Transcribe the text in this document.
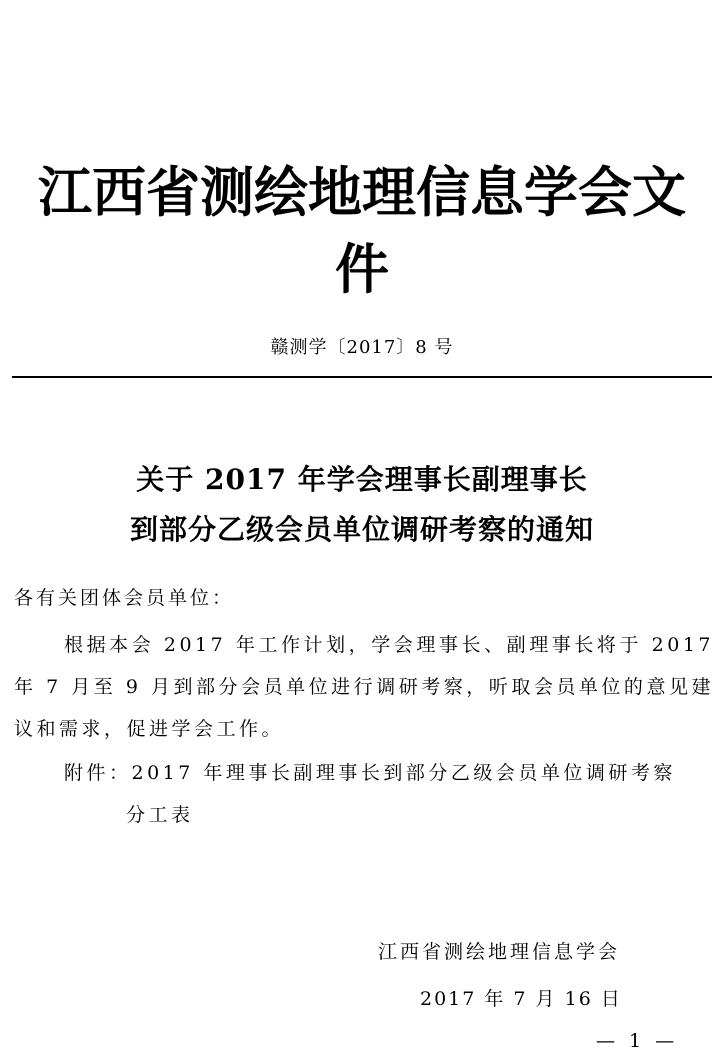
江西省测绘地理信息学会文件
赣测学〔2017〕8 号
关于 2017 年学会理事长副理事长
到部分乙级会员单位调研考察的通知
各有关团体会员单位：
根据本会 2017 年工作计划，学会理事长、副理事长将于 2017 年 7 月至 9 月到部分会员单位进行调研考察，听取会员单位的意见建议和需求，促进学会工作。
附件：2017 年理事长副理事长到部分乙级会员单位调研考察
分工表
江西省测绘地理信息学会
2017 年 7 月 16 日
— 1 —
